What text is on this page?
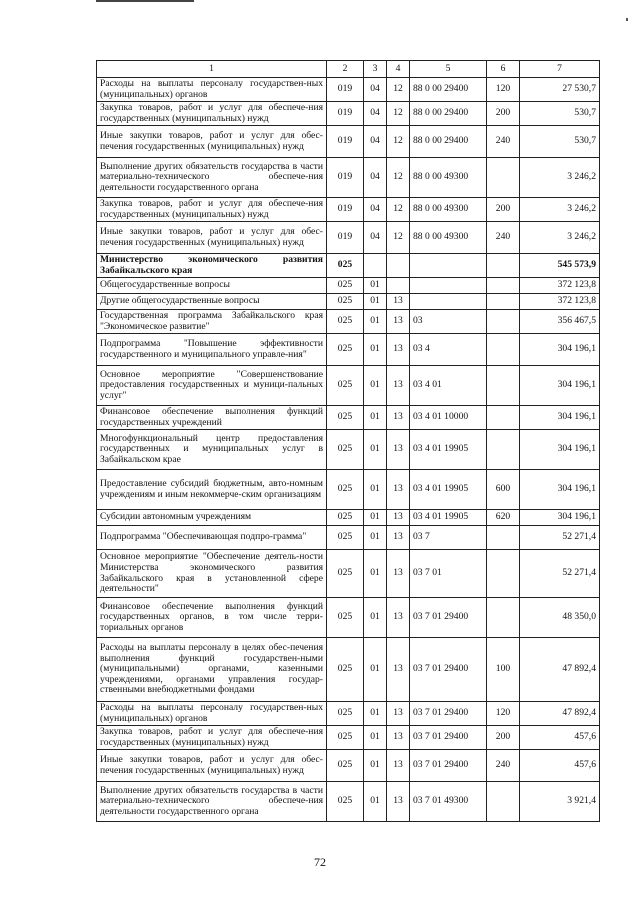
1	2	3	4	5	6	7
Расходы на выплаты персоналу государствен-ных (муниципальных) органов	019	04	12	88 0 00 29400	120	27 530,7
Закупка товаров, работ и услуг для обеспече-ния государственных (муниципальных) нужд	019	04	12	88 0 00 29400	200	530,7
Иные закупки товаров, работ и услуг для обес-печения государственных (муниципальных) нужд	019	04	12	88 0 00 29400	240	530,7
Выполнение других обязательств государства в части материально-технического обеспече-ния деятельности государственного органа	019	04	12	88 0 00 49300		3 246,2
Закупка товаров, работ и услуг для обеспече-ния государственных (муниципальных) нужд	019	04	12	88 0 00 49300	200	3 246,2
Иные закупки товаров, работ и услуг для обес-печения государственных (муниципальных) нужд	019	04	12	88 0 00 49300	240	3 246,2
Министерство экономического развития Забайкальского края	025					545 573,9
Общегосударственные вопросы	025	01				372 123,8
Другие общегосударственные вопросы	025	01	13			372 123,8
Государственная программа Забайкальского края "Экономическое развитие"	025	01	13	03		356 467,5
Подпрограмма "Повышение эффективности государственного и муниципального управле-ния"	025	01	13	03 4		304 196,1
Основное мероприятие "Совершенствование предоставления государственных и муници-пальных услуг"	025	01	13	03 4 01		304 196,1
Финансовое обеспечение выполнения функций государственных учреждений	025	01	13	03 4 01 10000		304 196,1
Многофункциональный центр предоставления государственных и муниципальных услуг в Забайкальском крае	025	01	13	03 4 01 19905		304 196,1
Предоставление субсидий бюджетным, авто-номным учреждениям и иным некоммерче-ским организациям	025	01	13	03 4 01 19905	600	304 196,1
Субсидии автономным учреждениям	025	01	13	03 4 01 19905	620	304 196,1
Подпрограмма "Обеспечивающая подпро-грамма"	025	01	13	03 7		52 271,4
Основное мероприятие "Обеспечение деятель-ности Министерства экономического развития Забайкальского края в установленной сфере деятельности"	025	01	13	03 7 01		52 271,4
Финансовое обеспечение выполнения функций государственных органов, в том числе терри-ториальных органов	025	01	13	03 7 01 29400		48 350,0
Расходы на выплаты персоналу в целях обес-печения выполнения функций государствен-ными (муниципальными) органами, казенными учреждениями, органами управления государ-ственными внебюджетными фондами	025	01	13	03 7 01 29400	100	47 892,4
Расходы на выплаты персоналу государствен-ных (муниципальных) органов	025	01	13	03 7 01 29400	120	47 892,4
Закупка товаров, работ и услуг для обеспече-ния государственных (муниципальных) нужд	025	01	13	03 7 01 29400	200	457,6
Иные закупки товаров, работ и услуг для обес-печения государственных (муниципальных) нужд	025	01	13	03 7 01 29400	240	457,6
Выполнение других обязательств государства в части материально-технического обеспече-ния деятельности государственного органа	025	01	13	03 7 01 49300		3 921,4
72
